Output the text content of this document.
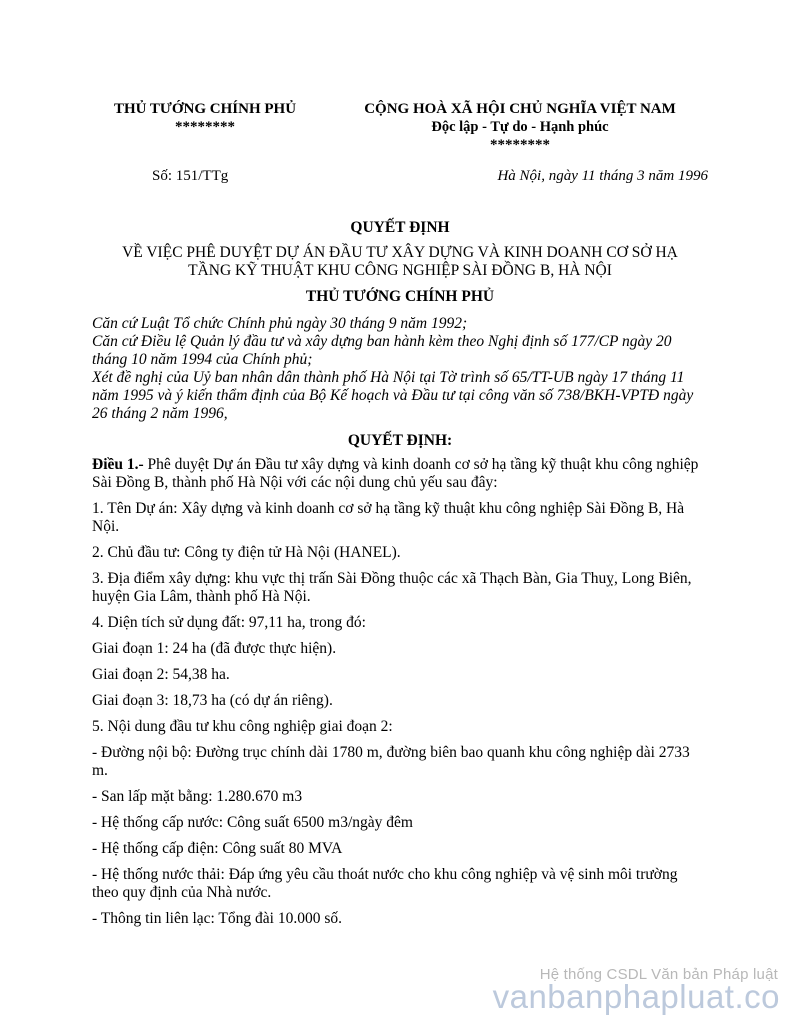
THỦ TƯỚNG CHÍNH PHỦ
********
CỘNG HOÀ XÃ HỘI CHỦ NGHĨA VIỆT NAM
Độc lập - Tự do - Hạnh phúc
********
Số: 151/TTg	Hà Nội, ngày 11 tháng 3 năm 1996
QUYẾT ĐỊNH
VỀ VIỆC PHÊ DUYỆT DỰ ÁN ĐẦU TƯ XÂY DỰNG VÀ KINH DOANH CƠ SỞ HẠ TẦNG KỸ THUẬT KHU CÔNG NGHIỆP SÀI ĐỒNG B, HÀ NỘI
THỦ TƯỚNG CHÍNH PHỦ

Căn cứ Luật Tổ chức Chính phủ ngày 30 tháng 9 năm 1992;

Căn cứ Điều lệ Quản lý đầu tư và xây dựng ban hành kèm theo Nghị định số 177/CP ngày 20 tháng 10 năm 1994 của Chính phủ;

Xét đề nghị của Uỷ ban nhân dân thành phố Hà Nội tại Tờ trình số 65/TT-UB ngày 17 tháng 11 năm 1995 và ý kiến thẩm định của Bộ Kế hoạch và Đầu tư tại công văn số 738/BKH-VPTĐ ngày 26 tháng 2 năm 1996,

QUYẾT ĐỊNH:

Điều 1.- Phê duyệt Dự án Đầu tư xây dựng và kinh doanh cơ sở hạ tầng kỹ thuật khu công nghiệp Sài Đồng B, thành phố Hà Nội với các nội dung chủ yếu sau đây:

1. Tên Dự án: Xây dựng và kinh doanh cơ sở hạ tầng kỹ thuật khu công nghiệp Sài Đồng B, Hà Nội.

2. Chủ đầu tư: Công ty điện tử Hà Nội (HANEL).

3. Địa điểm xây dựng: khu vực thị trấn Sài Đồng thuộc các xã Thạch Bàn, Gia Thuỵ, Long Biên, huyện Gia Lâm, thành phố Hà Nội.

4. Diện tích sử dụng đất: 97,11 ha, trong đó:

Giai đoạn 1: 24 ha (đã được thực hiện).

Giai đoạn 2: 54,38 ha.

Giai đoạn 3: 18,73 ha (có dự án riêng).

5. Nội dung đầu tư khu công nghiệp giai đoạn 2:

- Đường nội bộ: Đường trục chính dài 1780 m, đường biên bao quanh khu công nghiệp dài 2733 m.

- San lấp mặt bằng: 1.280.670 m3

- Hệ thống cấp nước: Công suất 6500 m3/ngày đêm

- Hệ thống cấp điện: Công suất 80 MVA

- Hệ thống nước thải: Đáp ứng yêu cầu thoát nước cho khu công nghiệp và vệ sinh môi trường theo quy định của Nhà nước.

- Thông tin liên lạc: Tổng đài 10.000 số.

Hệ thống CSDL Văn bản Pháp luật
vanbanphapluat.co
